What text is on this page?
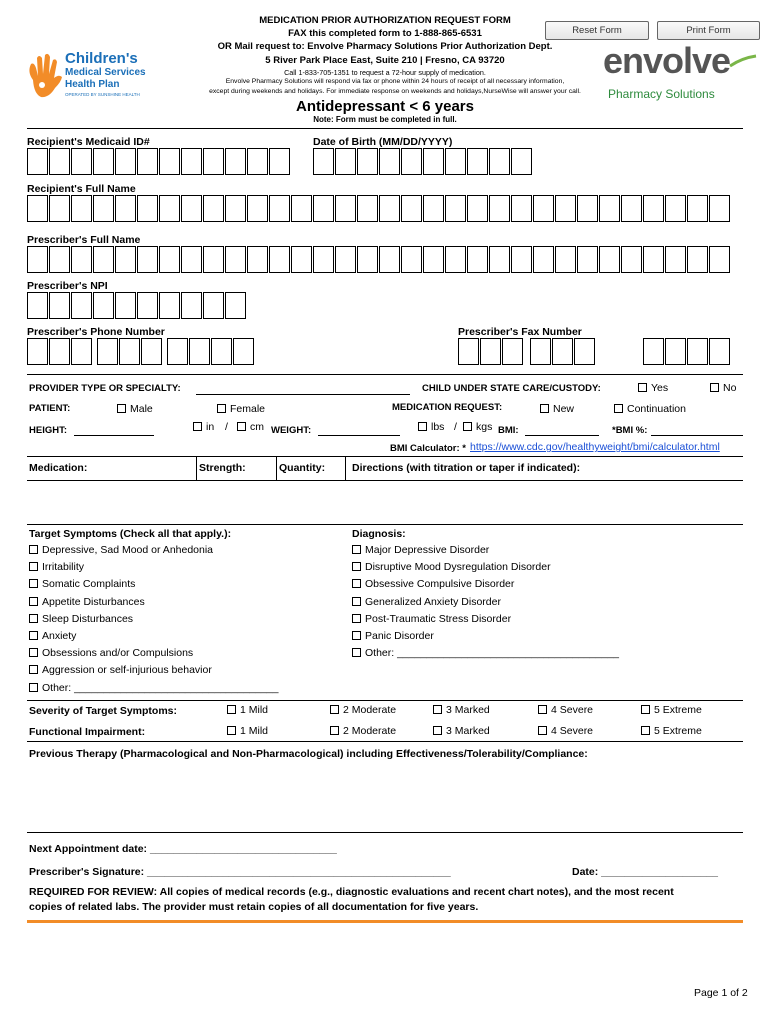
Children's
Medical Services
Health Plan
OPERATED BY SUNSHINE HEALTH
MEDICATION PRIOR AUTHORIZATION REQUEST FORM
FAX this completed form to 1-888-865-6531
OR Mail request to: Envolve Pharmacy Solutions Prior Authorization Dept.
5 River Park Place East, Suite 210 | Fresno, CA 93720
Call 1-833-705-1351 to request a 72-hour supply of medication.
Envolve Pharmacy Solutions will respond via fax or phone within 24 hours of receipt of all necessary information,
except during weekends and holidays. For immediate response on weekends and holidays,NurseWise will answer your call.
Antidepressant < 6 years
Note: Form must be completed in full.
Reset Form	Print Form
envolve
Pharmacy Solutions
Recipient's Medicaid ID#	Date of Birth (MM/DD/YYYY)
Recipient's Full Name
Prescriber's Full Name
Prescriber's NPI
Prescriber's Phone Number	Prescriber's Fax Number
PROVIDER TYPE OR SPECIALTY:	CHILD UNDER STATE CARE/CUSTODY:	Yes	No
PATIENT:	Male	Female	MEDICATION REQUEST:	New	Continuation
HEIGHT:	in /	cm WEIGHT:	lbs /	kgs BMI:	*BMI %:
BMI Calculator: * https://www.cdc.gov/healthyweight/bmi/calculator.html
Medication:	Strength:	Quantity:	Directions (with titration or taper if indicated):
Target Symptoms (Check all that apply.):
Depressive, Sad Mood or Anhedonia
Irritability
Somatic Complaints
Appetite Disturbances
Sleep Disturbances
Anxiety
Obsessions and/or Compulsions
Aggression or self-injurious behavior
Other: ___________________________________
Diagnosis:
Major Depressive Disorder
Disruptive Mood Dysregulation Disorder
Obsessive Compulsive Disorder
Generalized Anxiety Disorder
Post-Traumatic Stress Disorder
Panic Disorder
Other: ______________________________________
Severity of Target Symptoms:	1 Mild	2 Moderate	3 Marked	4 Severe	5 Extreme
Functional Impairment:	1 Mild	2 Moderate	3 Marked	4 Severe	5 Extreme
Previous Therapy (Pharmacological and Non-Pharmacological) including Effectiveness/Tolerability/Compliance:
Next Appointment date: ________________________________
Prescriber's Signature: ____________________________________________________	Date: ____________________
REQUIRED FOR REVIEW: All copies of medical records (e.g., diagnostic evaluations and recent chart notes), and the most recent
copies of related labs. The provider must retain copies of all documentation for five years.
Page 1 of 2
